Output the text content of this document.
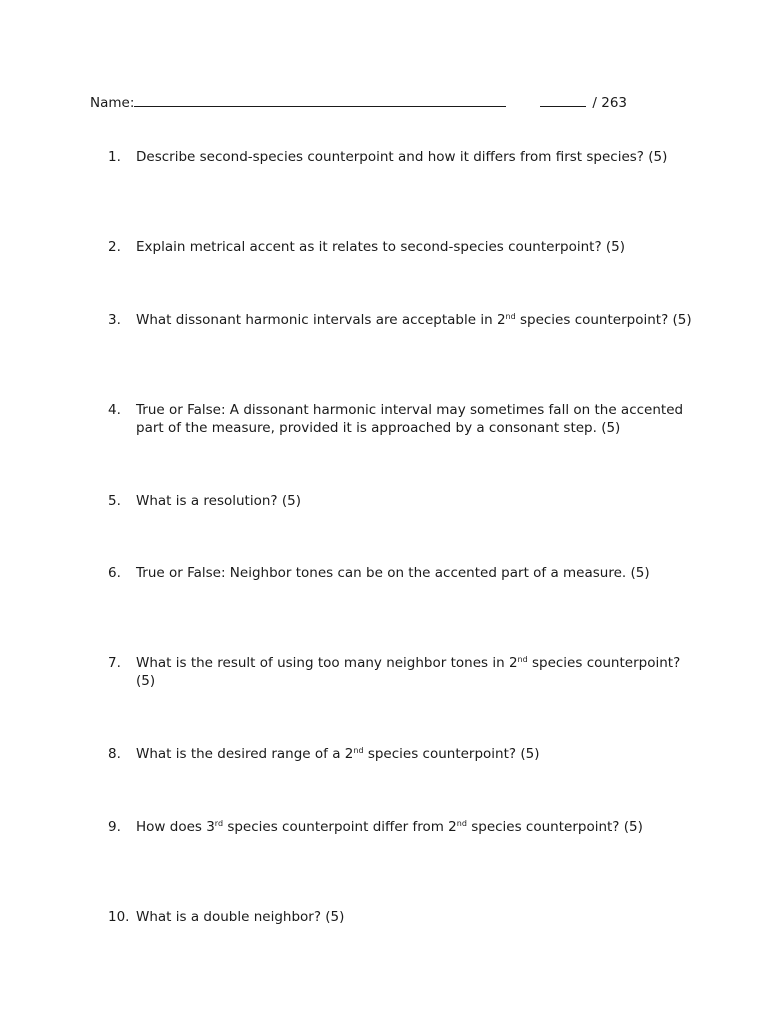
Name:	/ 263
1.	Describe second-species counterpoint and how it differs from first species? (5)
2.	Explain metrical accent as it relates to second-species counterpoint? (5)
3.	What dissonant harmonic intervals are acceptable in 2nd species counterpoint? (5)
4.	True or False: A dissonant harmonic interval may sometimes fall on the accented part of the measure, provided it is approached by a consonant step. (5)
5.	What is a resolution? (5)
6.	True or False: Neighbor tones can be on the accented part of a measure. (5)
7.	What is the result of using too many neighbor tones in 2nd species counterpoint? (5)
8.	What is the desired range of a 2nd species counterpoint? (5)
9.	How does 3rd species counterpoint differ from 2nd species counterpoint? (5)
10. What is a double neighbor? (5)
